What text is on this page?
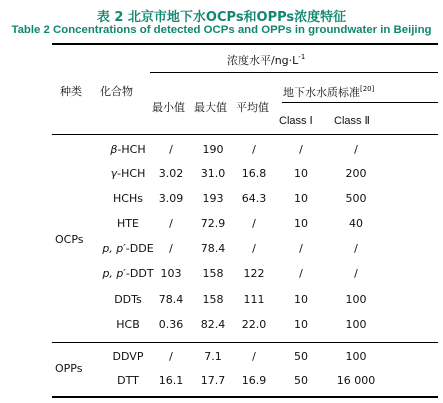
表 2 北京市地下水OCPs和OPPs浓度特征
Table 2 Concentrations of detected OCPs and OPPs in groundwater in Beijing
种类 化合物
浓度水平$/ng\cdot L^{-1}$
最小值 最大值 平均值
地下水水质标准[20]
Class Ⅰ Class Ⅱ
OCPs
OPPs
β-HCH	/	190	/	/	/
γ-HCH	3.02	31.0	16.8	10	200
HCHs	3.09	193	64.3	10	500
HTE	/	72.9	/	10	40
p, p′-DDE	/	78.4	/	/	/
p, p′-DDT 103	158	122	/	/
DDTs	78.4	158	111	10	100
HCB	0.36	82.4	22.0	10	100
DDVP	/	7.1	/	50	100
DTT	16.1	17.7	16.9	50	16 000
